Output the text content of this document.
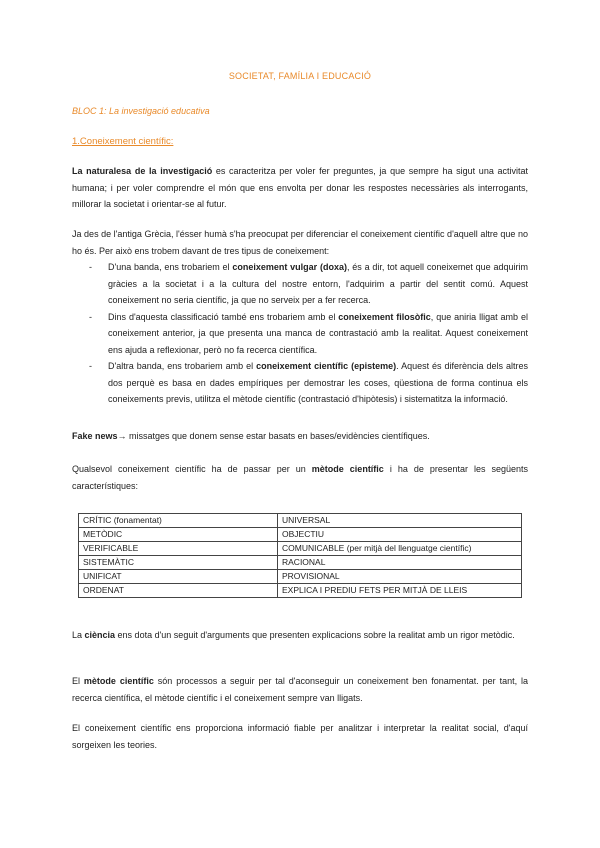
SOCIETAT, FAMÍLIA I EDUCACIÓ
BLOC 1: La investigació educativa
1.Coneixement científic:
La naturalesa de la investigació es caracteritza per voler fer preguntes, ja que sempre ha sigut una activitat humana; i per voler comprendre el món que ens envolta per donar les respostes necessàries als interrogants, millorar la societat i orientar-se al futur.
Ja des de l'antiga Grècia, l'ésser humà s'ha preocupat per diferenciar el coneixement científic d'aquell altre que no ho és. Per això ens trobem davant de tres tipus de coneixement:
- D'una banda, ens trobariem el coneixement vulgar (doxa), és a dir, tot aquell coneixemet que adquirim gràcies a la societat i a la cultura del nostre entorn, l'adquirim a partir del sentit comú. Aquest coneixement no seria científic, ja que no serveix per a fer recerca.
- Dins d'aquesta classificació també ens trobariem amb el coneixement filosòfic, que aniria lligat amb el coneixement anterior, ja que presenta una manca de contrastació amb la realitat. Aquest coneixement ens ajuda a reflexionar, però no fa recerca científica.
- D'altra banda, ens trobariem amb el coneixement científic (episteme). Aquest és diferència dels altres dos perquè es basa en dades empíriques per demostrar les coses, qüestiona de forma continua els coneixements previs, utilitza el mètode científic (contrastació d'hipòtesis) i sistematitza la informació.
Fake news→ missatges que donem sense estar basats en bases/evidències científiques.
Qualsevol coneixement científic ha de passar per un mètode científic i ha de presentar les següents característiques:
CRÍTIC (fonamentat)	UNIVERSAL
METÒDIC	OBJECTIU
VERIFICABLE	COMUNICABLE (per mitjà del llenguatge científic)
SISTEMÀTIC	RACIONAL
UNIFICAT	PROVISIONAL
ORDENAT	EXPLICA I PREDIU FETS PER MITJÀ DE LLEIS
La ciència ens dota d'un seguit d'arguments que presenten explicacions sobre la realitat amb un rigor metòdic.
El mètode científic són processos a seguir per tal d'aconseguir un coneixement ben fonamentat. per tant, la recerca científica, el mètode científic i el coneixement sempre van lligats.
El coneixement científic ens proporciona informació fiable per analitzar i interpretar la realitat social, d'aquí sorgeixen les teories.
